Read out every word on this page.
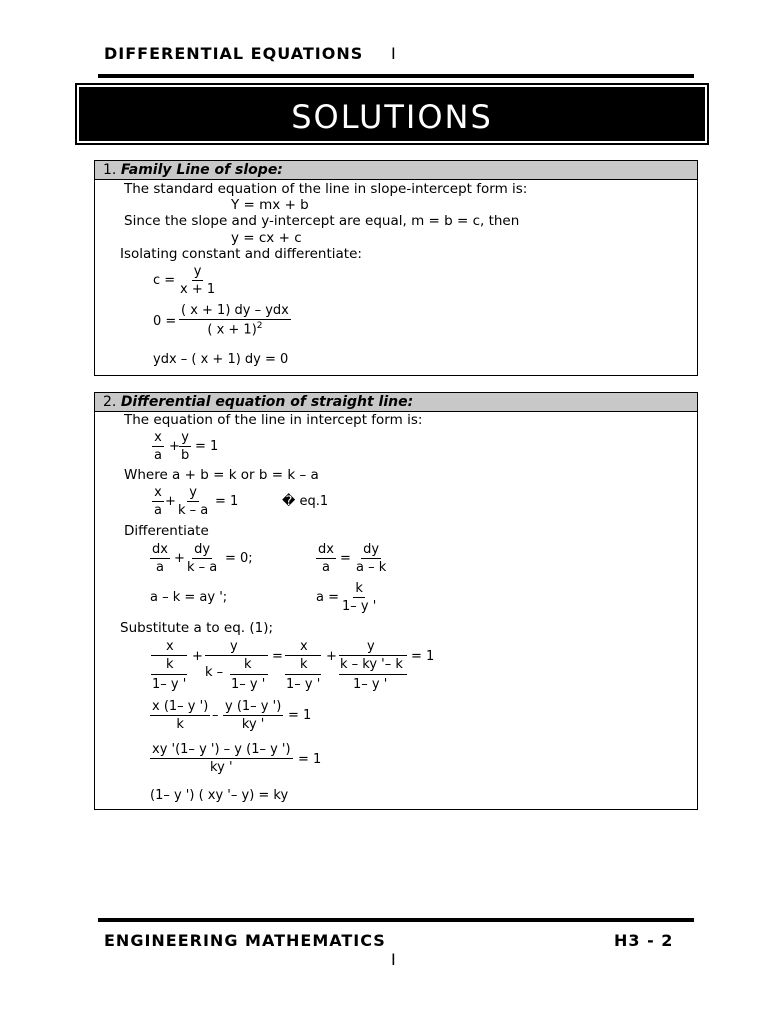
DIFFERENTIAL EQUATIONS I
SOLUTIONS
1. Family Line of slope:
The standard equation of the line in slope-intercept form is:
Y = mx + b
Since the slope and y-intercept are equal, m = b = c, then
y = cx + c
Isolating constant and differentiate:
$c = \frac{y}{x + 1}$
0 =
( x + 1) dy – ydx
( x + 1)$^2$
ydx – ( x + 1) dy = 0
2. Differential equation of straight line:
The equation of the line in intercept form is:
$\frac{x}{a} + \frac{y}{b} = 1$
Where a + b = k or b = k – a
$\frac{x}{a} + \frac{y}{k - a} = 1$	� eq.1
Differentiate
$\frac{dx}{a} + \frac{dy}{k - a} = 0$;	$\frac{dx}{a} = \frac{dy}{a - k}$
a – k = ay ';	$a = \frac{k}{1- y '}$
Substitute a to eq. (1);
x
k
1– y '
+
y
k –
k
1– y '
=
x
k
1– y '
+
y
k – ky '– k
1– y '
= 1
$\frac{x (1- y ')}{k} - \frac{y (1- y ')}{ky '} = 1$
$\frac{xy '(1- y ') - y (1- y ')}{ky '} = 1$
(1– y ') ( xy '– y) = ky
ENGINEERING MATHEMATICS	H3 - 2
I
